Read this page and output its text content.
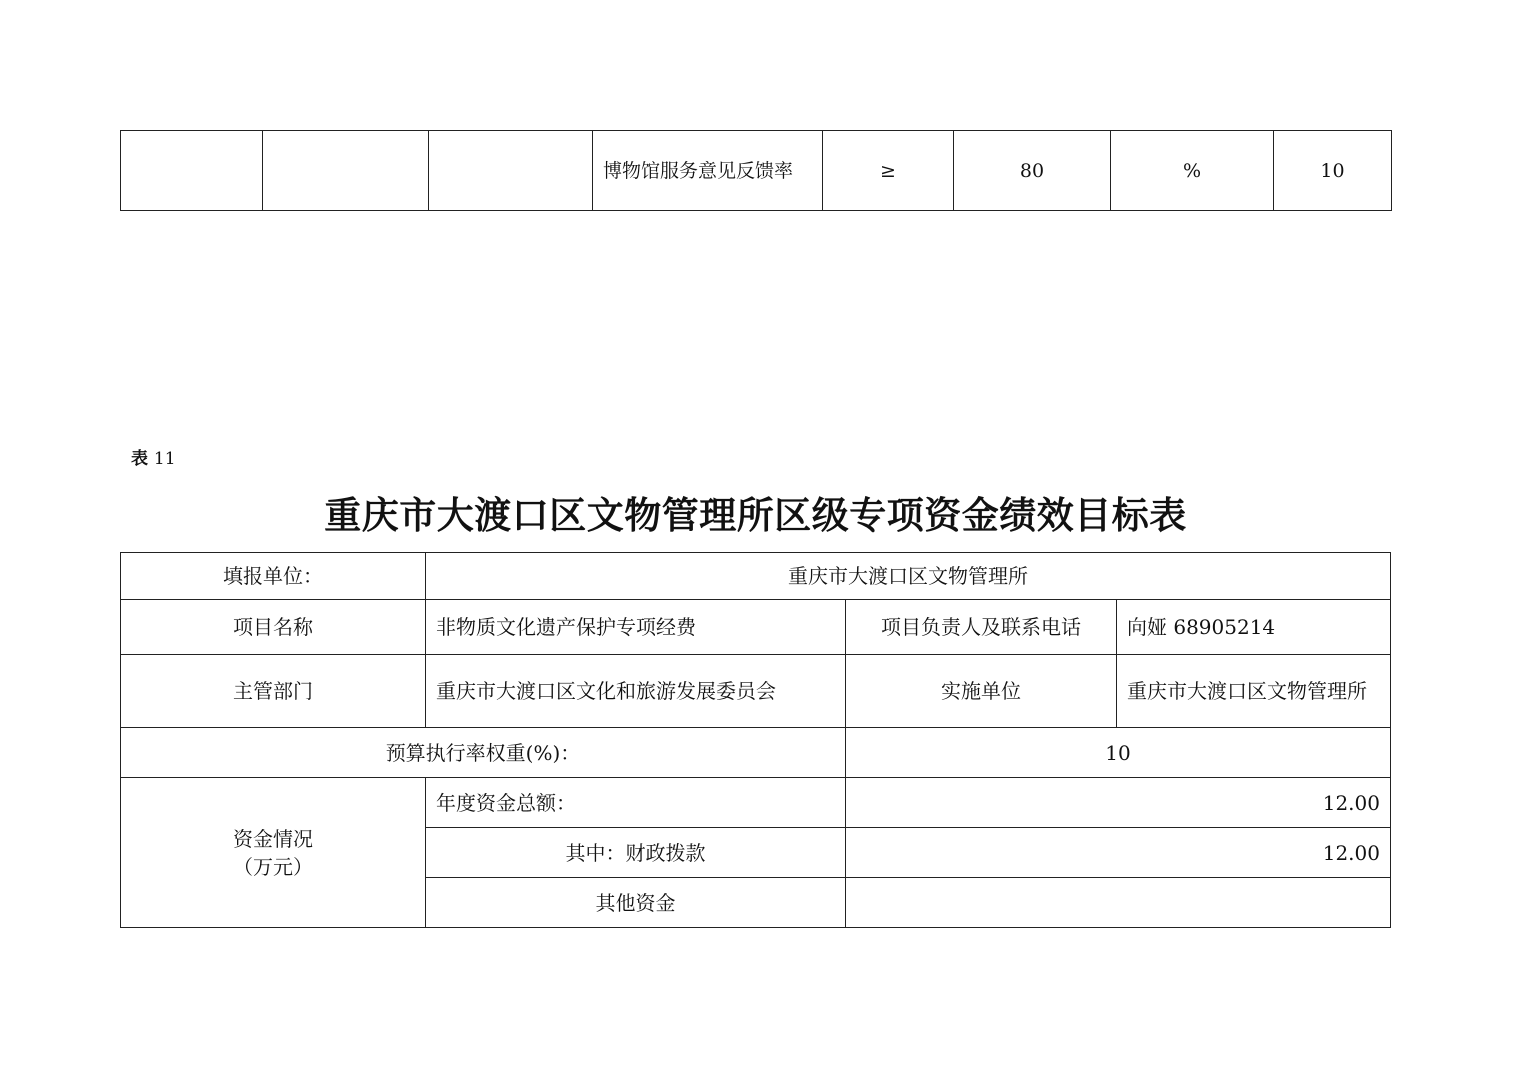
			博物馆服务意见反馈率	≥	80	%	10
表 11
重庆市大渡口区文物管理所区级专项资金绩效目标表
填报单位：	重庆市大渡口区文物管理所		
项目名称	非物质文化遗产保护专项经费	项目负责人及联系电话	向娅 68905214
主管部门	重庆市大渡口区文化和旅游发展委员会	实施单位	重庆市大渡口区文物管理所
预算执行率权重(%)：		10	

资金情况
（万元）	年度资金总额：	12.00	
	其中：财政拨款	12.00	
	其他资金		
